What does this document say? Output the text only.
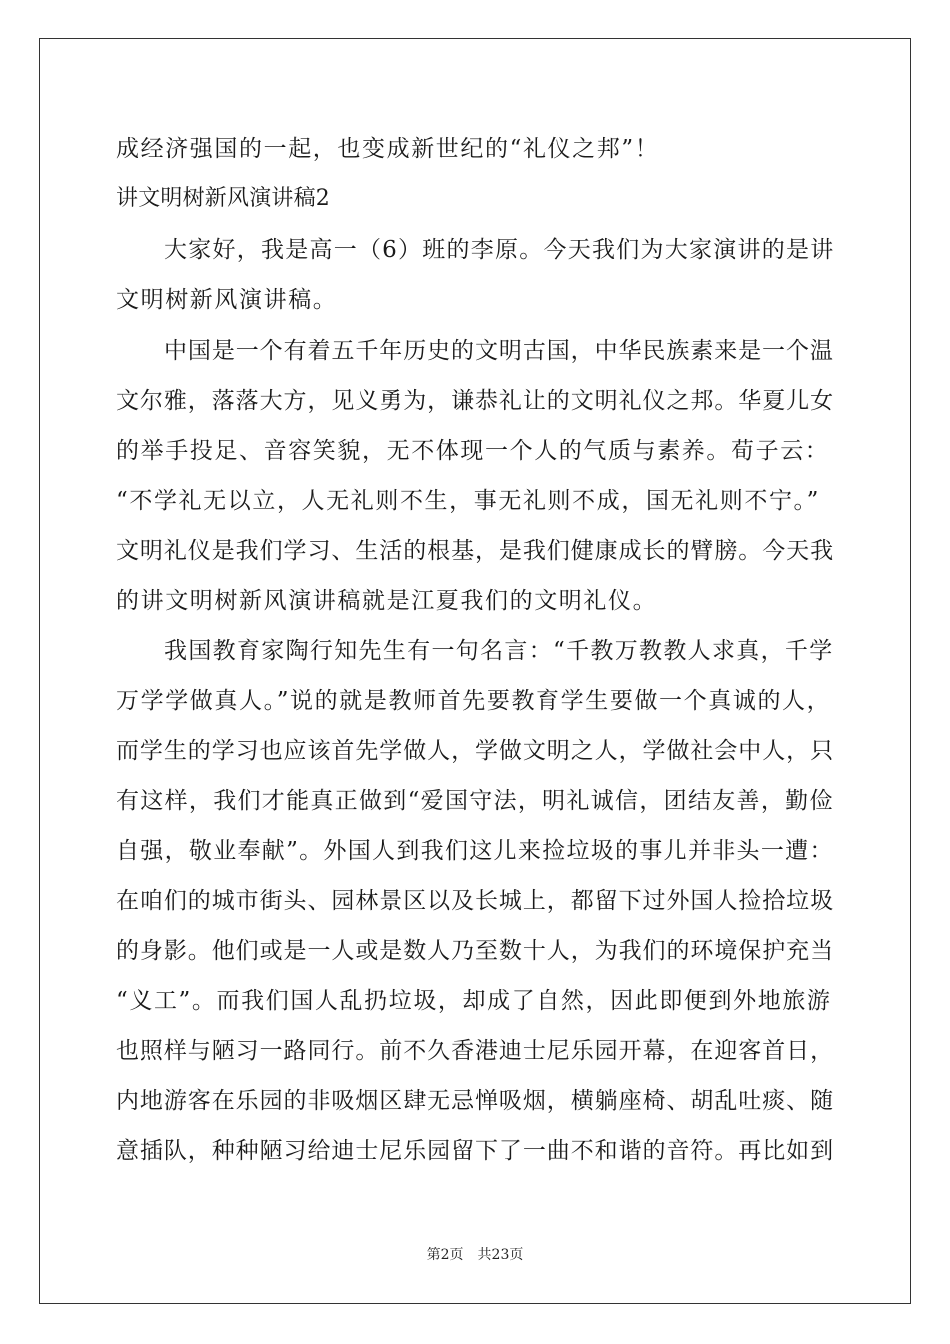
成经济强国的一起，也变成新世纪的“礼仪之邦”！
讲文明树新风演讲稿2
大家好，我是高一（6）班的李原。今天我们为大家演讲的是讲
文明树新风演讲稿。
中国是一个有着五千年历史的文明古国，中华民族素来是一个温
文尔雅，落落大方，见义勇为，谦恭礼让的文明礼仪之邦。华夏儿女
的举手投足、音容笑貌，无不体现一个人的气质与素养。荀子云：
“不学礼无以立，人无礼则不生，事无礼则不成，国无礼则不宁。”
文明礼仪是我们学习、生活的根基，是我们健康成长的臂膀。今天我
的讲文明树新风演讲稿就是江夏我们的文明礼仪。
我国教育家陶行知先生有一句名言：“千教万教教人求真，千学
万学学做真人。”说的就是教师首先要教育学生要做一个真诚的人，
而学生的学习也应该首先学做人，学做文明之人，学做社会中人，只
有这样，我们才能真正做到“爱国守法，明礼诚信，团结友善，勤俭
自强，敬业奉献”。外国人到我们这儿来捡垃圾的事儿并非头一遭：
在咱们的城市街头、园林景区以及长城上，都留下过外国人捡拾垃圾
的身影。他们或是一人或是数人乃至数十人，为我们的环境保护充当
“义工”。而我们国人乱扔垃圾，却成了自然，因此即便到外地旅游
也照样与陋习一路同行。前不久香港迪士尼乐园开幕，在迎客首日，
内地游客在乐园的非吸烟区肆无忌惮吸烟，横躺座椅、胡乱吐痰、随
意插队，种种陋习给迪士尼乐园留下了一曲不和谐的音符。再比如到
第2页 共23页
